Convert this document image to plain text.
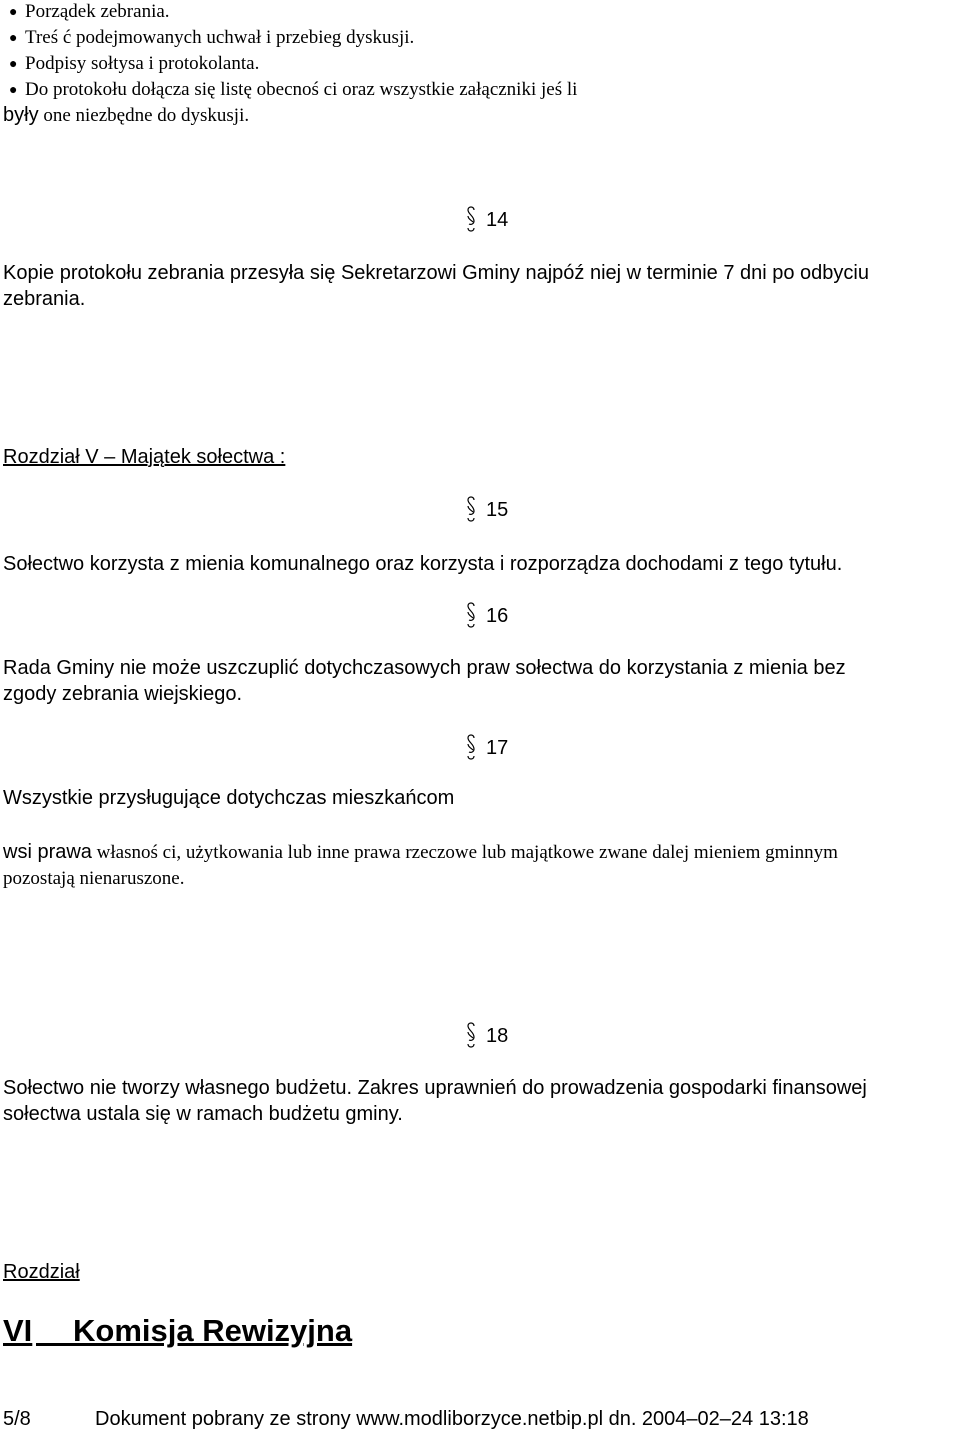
● Porządek zebrania.
● Treś ć podejmowanych uchwał i przebieg dyskusji.
● Podpisy sołtysa i protokolanta.
● Do protokołu dołącza się listę obecnoś ci oraz wszystkie załączniki jeś li
były one niezbędne do dyskusji.
14
Kopie protokołu zebrania przesyła się Sekretarzowi Gminy najpóź niej w terminie 7 dni po odbyciu
zebrania.
Rozdział V – Majątek sołectwa :
15
Sołectwo korzysta z mienia komunalnego oraz korzysta i rozporządza dochodami z tego tytułu.
16
Rada Gminy nie może uszczuplić dotychczasowych praw sołectwa do korzystania z mienia bez
zgody zebrania wiejskiego.
17
Wszystkie przysługujące dotychczas mieszkańcom
wsi prawa własnoś ci, użytkowania lub inne prawa rzeczowe lub majątkowe zwane dalej mieniem gminnym
pozostają nienaruszone.
18
Sołectwo nie tworzy własnego budżetu. Zakres uprawnień do prowadzenia gospodarki finansowej
sołectwa ustala się w ramach budżetu gminy.
Rozdział
VI
Komisja Rewizyjna
5/8	Dokument pobrany ze strony www.modliborzyce.netbip.pl dn. 2004–02–24 13:18
